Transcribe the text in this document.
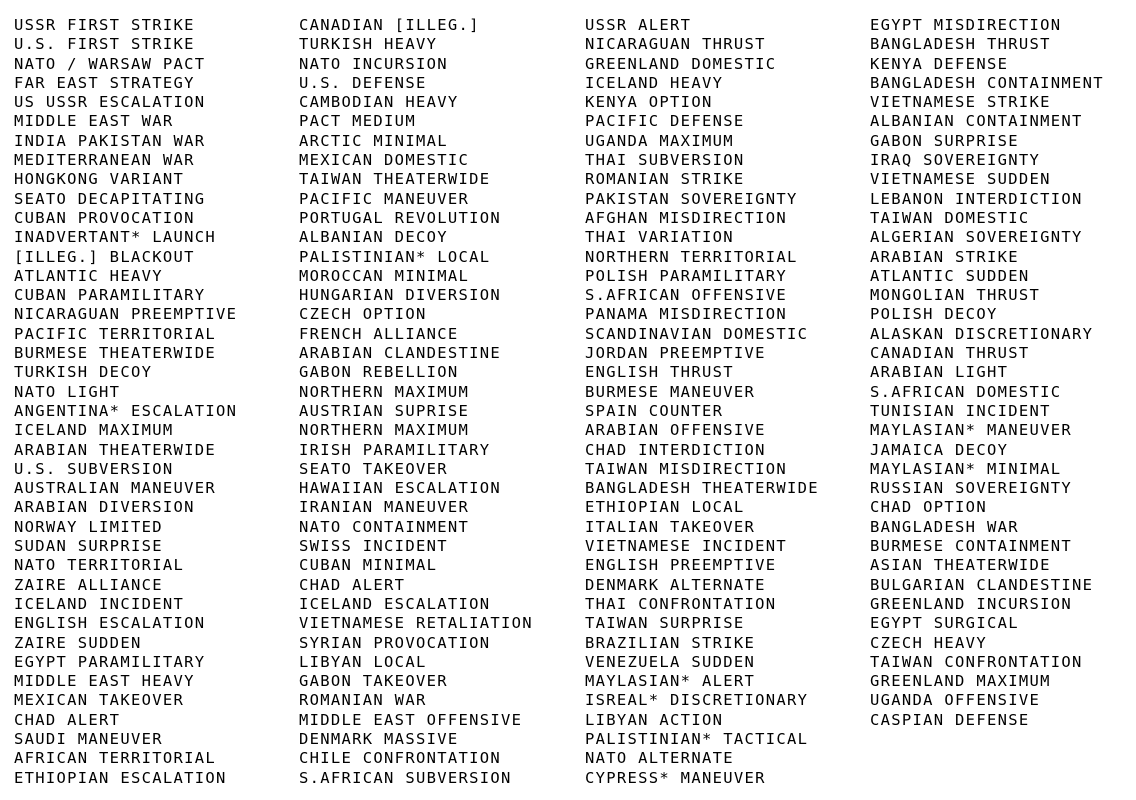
USSR FIRST STRIKE
U.S. FIRST STRIKE
NATO / WARSAW PACT
FAR EAST STRATEGY
US USSR ESCALATION
MIDDLE EAST WAR
INDIA PAKISTAN WAR
MEDITERRANEAN WAR
HONGKONG VARIANT
SEATO DECAPITATING
CUBAN PROVOCATION
INADVERTANT* LAUNCH
[ILLEG.] BLACKOUT
ATLANTIC HEAVY
CUBAN PARAMILITARY
NICARAGUAN PREEMPTIVE
PACIFIC TERRITORIAL
BURMESE THEATERWIDE
TURKISH DECOY
NATO LIGHT
ANGENTINA* ESCALATION
ICELAND MAXIMUM
ARABIAN THEATERWIDE
U.S. SUBVERSION
AUSTRALIAN MANEUVER
ARABIAN DIVERSION
NORWAY LIMITED
SUDAN SURPRISE
NATO TERRITORIAL
ZAIRE ALLIANCE
ICELAND INCIDENT
ENGLISH ESCALATION
ZAIRE SUDDEN
EGYPT PARAMILITARY
MIDDLE EAST HEAVY
MEXICAN TAKEOVER
CHAD ALERT
SAUDI MANEUVER
AFRICAN TERRITORIAL
ETHIOPIAN ESCALATION
CANADIAN [ILLEG.]
TURKISH HEAVY
NATO INCURSION
U.S. DEFENSE
CAMBODIAN HEAVY
PACT MEDIUM
ARCTIC MINIMAL
MEXICAN DOMESTIC
TAIWAN THEATERWIDE
PACIFIC MANEUVER
PORTUGAL REVOLUTION
ALBANIAN DECOY
PALISTINIAN* LOCAL
MOROCCAN MINIMAL
HUNGARIAN DIVERSION
CZECH OPTION
FRENCH ALLIANCE
ARABIAN CLANDESTINE
GABON REBELLION
NORTHERN MAXIMUM
AUSTRIAN SUPRISE
NORTHERN MAXIMUM
IRISH PARAMILITARY
SEATO TAKEOVER
HAWAIIAN ESCALATION
IRANIAN MANEUVER
NATO CONTAINMENT
SWISS INCIDENT
CUBAN MINIMAL
CHAD ALERT
ICELAND ESCALATION
VIETNAMESE RETALIATION
SYRIAN PROVOCATION
LIBYAN LOCAL
GABON TAKEOVER
ROMANIAN WAR
MIDDLE EAST OFFENSIVE
DENMARK MASSIVE
CHILE CONFRONTATION
S.AFRICAN SUBVERSION
USSR ALERT
NICARAGUAN THRUST
GREENLAND DOMESTIC
ICELAND HEAVY
KENYA OPTION
PACIFIC DEFENSE
UGANDA MAXIMUM
THAI SUBVERSION
ROMANIAN STRIKE
PAKISTAN SOVEREIGNTY
AFGHAN MISDIRECTION
THAI VARIATION
NORTHERN TERRITORIAL
POLISH PARAMILITARY
S.AFRICAN OFFENSIVE
PANAMA MISDIRECTION
SCANDINAVIAN DOMESTIC
JORDAN PREEMPTIVE
ENGLISH THRUST
BURMESE MANEUVER
SPAIN COUNTER
ARABIAN OFFENSIVE
CHAD INTERDICTION
TAIWAN MISDIRECTION
BANGLADESH THEATERWIDE
ETHIOPIAN LOCAL
ITALIAN TAKEOVER
VIETNAMESE INCIDENT
ENGLISH PREEMPTIVE
DENMARK ALTERNATE
THAI CONFRONTATION
TAIWAN SURPRISE
BRAZILIAN STRIKE
VENEZUELA SUDDEN
MAYLASIAN* ALERT
ISREAL* DISCRETIONARY
LIBYAN ACTION
PALISTINIAN* TACTICAL
NATO ALTERNATE
CYPRESS* MANEUVER
EGYPT MISDIRECTION
BANGLADESH THRUST
KENYA DEFENSE
BANGLADESH CONTAINMENT
VIETNAMESE STRIKE
ALBANIAN CONTAINMENT
GABON SURPRISE
IRAQ SOVEREIGNTY
VIETNAMESE SUDDEN
LEBANON INTERDICTION
TAIWAN DOMESTIC
ALGERIAN SOVEREIGNTY
ARABIAN STRIKE
ATLANTIC SUDDEN
MONGOLIAN THRUST
POLISH DECOY
ALASKAN DISCRETIONARY
CANADIAN THRUST
ARABIAN LIGHT
S.AFRICAN DOMESTIC
TUNISIAN INCIDENT
MAYLASIAN* MANEUVER
JAMAICA DECOY
MAYLASIAN* MINIMAL
RUSSIAN SOVEREIGNTY
CHAD OPTION
BANGLADESH WAR
BURMESE CONTAINMENT
ASIAN THEATERWIDE
BULGARIAN CLANDESTINE
GREENLAND INCURSION
EGYPT SURGICAL
CZECH HEAVY
TAIWAN CONFRONTATION
GREENLAND MAXIMUM
UGANDA OFFENSIVE
CASPIAN DEFENSE
